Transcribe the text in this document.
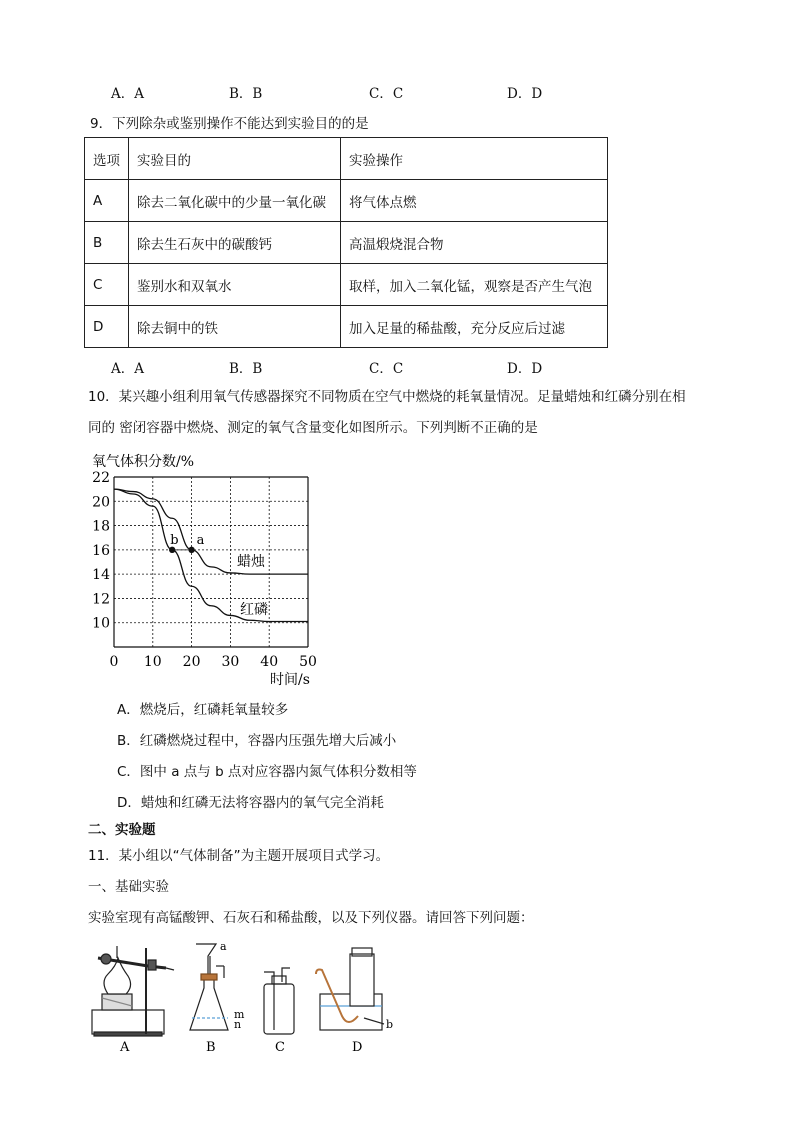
A．A	B．B	C．C	D．D
9．下列除杂或鉴别操作不能达到实验目的的是
选项	实验目的	实验操作
A	除去二氧化碳中的少量一氧化碳	将气体点燃
B	除去生石灰中的碳酸钙	高温煅烧混合物
C	鉴别水和双氧水	取样，加入二氧化锰，观察是否产生气泡
D	除去铜中的铁	加入足量的稀盐酸，充分反应后过滤
A．A	B．B	C．C	D．D
10．某兴趣小组利用氧气传感器探究不同物质在空气中燃烧的耗氧量情况。足量蜡烛和红磷分别在相
同的 密闭容器中燃烧、测定的氧气含量变化如图所示。下列判断不正确的是
氧气体积分数/%
10
12
14
16
18
20
22
0 10 20 30 40 50
b a
蜡烛
红磷
时间/s
A．燃烧后，红磷耗氧量较多
B．红磷燃烧过程中，容器内压强先增大后减小
C．图中 a 点与 b 点对应容器内氮气体积分数相等
D．蜡烛和红磷无法将容器内的氧气完全消耗
二、实验题
11．某小组以“气体制备”为主题开展项目式学习。
一、基础实验
实验室现有高锰酸钾、石灰石和稀盐酸，以及下列仪器。请回答下列问题：
A
a
m
n
B	C
b
D
